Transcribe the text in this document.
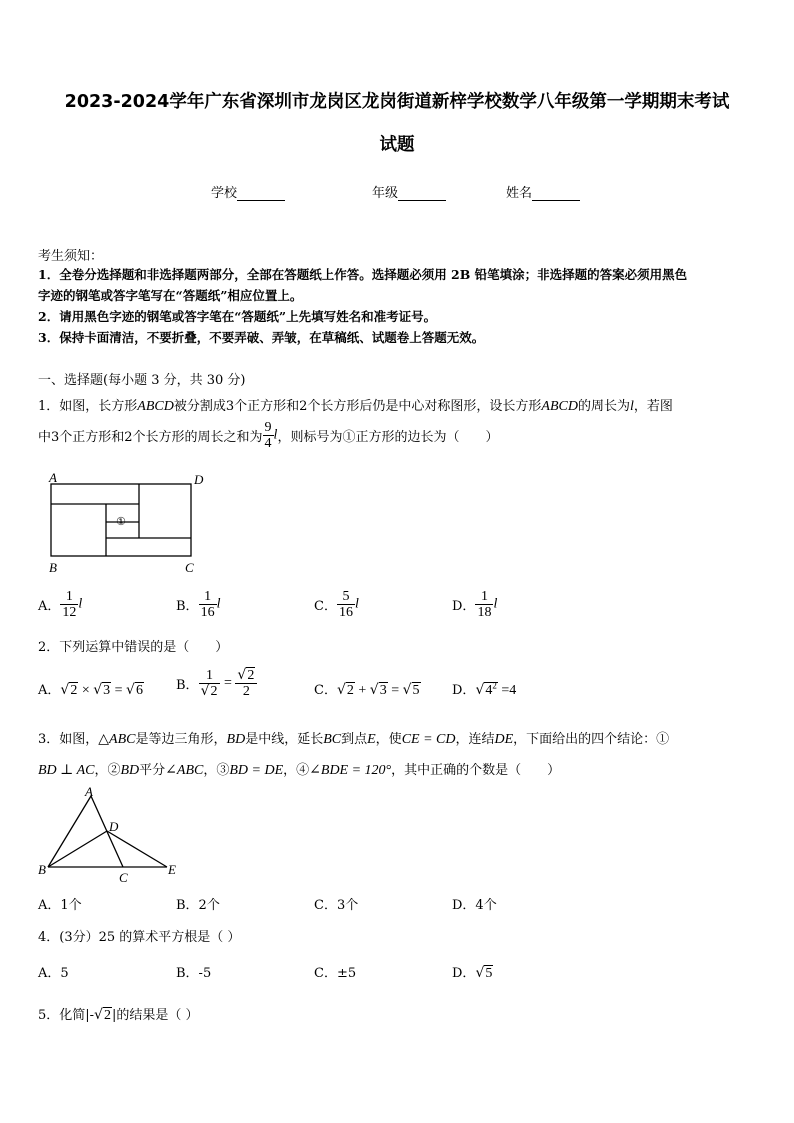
2023-2024学年广东省深圳市龙岗区龙岗街道新梓学校数学八年级第一学期期末考试
试题
学校	年级	姓名
考生须知：
1．全卷分选择题和非选择题两部分，全部在答题纸上作答。选择题必须用 2B 铅笔填涂；非选择题的答案必须用黑色
字迹的钢笔或答字笔写在“答题纸”相应位置上。
2．请用黑色字迹的钢笔或答字笔在“答题纸”上先填写姓名和准考证号。
3．保持卡面清洁，不要折叠，不要弄破、弄皱，在草稿纸、试题卷上答题无效。
一、选择题(每小题 3 分，共 30 分)
1．如图，长方形ABCD被分割成3个正方形和2个长方形后仍是中心对称图形，设长方形ABCD的周长为l，若图
中3个正方形和2个长方形的周长之和为 $\frac{9}{4}$ l，则标号为①正方形的边长为（　　）
A	D
B	C
①
A． $\frac{1}{12}$ l	B． $\frac{1}{16}$ l	C． $\frac{5}{16}$ l	D． $\frac{1}{18}$ l
2．下列运算中错误的是（　　）
A．√2 × √3 = √6	B． $\frac{1}{√2} = \frac{√2}{2}$	C．√2 + √3 = √5 D．$√4^2 =4$
3．如图，△ABC是等边三角形，BD是中线，延长BC到点E，使CE = CD，连结DE，下面给出的四个结论：①
BD ⊥ AC，②BD平分∠ABC，③BD = DE，④∠BDE = 120°，其中正确的个数是（　　）
A
D
B
C
E
A．1个	B．2个	C．3个	D．4个
4．(3分）25 的算术平方根是（ ）
A．5	B．-5	C．±5	D．√5
5．化简|-√2|的结果是（ ）
